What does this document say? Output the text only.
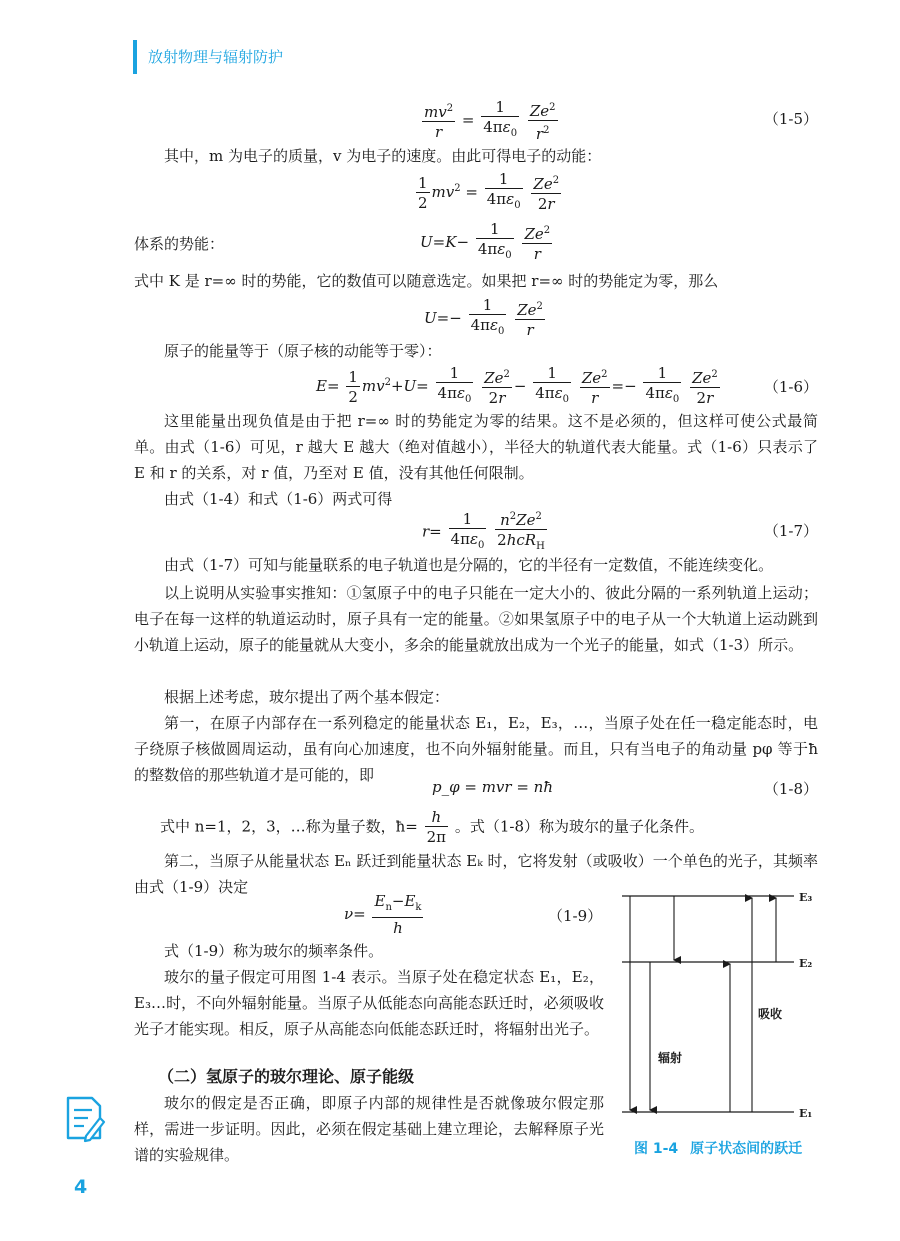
放射物理与辐射防护
$\frac{mv^2}{r} = \frac{1}{4\pi\varepsilon_0}$
$\frac{Ze^2}{r^2}$	（1-5）

其中，m 为电子的质量，v 为电子的速度。由此可得电子的动能：

$\frac{1}{2} mv^2 = \frac{1}{4\pi\varepsilon_0}$
$\frac{Ze^2}{2r}$
体系的势能：	$U=K- \frac{1}{4\pi\varepsilon_0}$
$\frac{Ze^2}{r}$

式中 K 是 r=∞ 时的势能，它的数值可以随意选定。如果把 r=∞ 时的势能定为零，那么

$U=- \frac{1}{4\pi\varepsilon_0}$
$\frac{Ze^2}{r}$

原子的能量等于（原子核的动能等于零）：

$E= \frac{1}{2} mv^2+U= \frac{1}{4\pi\varepsilon_0}$
$\frac{Ze^2}{2r} - \frac{1}{4\pi\varepsilon_0}$
$\frac{Ze^2}{r} =- \frac{1}{4\pi\varepsilon_0}$
$\frac{Ze^2}{2r}$	（1-6）

这里能量出现负值是由于把 r=∞ 时的势能定为零的结果。这不是必须的，但这样可使公式最简单。由式（1-6）可见，r 越大 E 越大（绝对值越小），半径大的轨道代表大能量。式（1-6）只表示了 E 和 r 的关系，对 r 值，乃至对 E 值，没有其他任何限制。

由式（1-4）和式（1-6）两式可得

$r= \frac{1}{4\pi\varepsilon_0}$
$\frac{n^2Ze^2}{2hcR_H}$	（1-7）

由式（1-7）可知与能量联系的电子轨道也是分隔的，它的半径有一定数值，不能连续变化。

以上说明从实验事实推知：①氢原子中的电子只能在一定大小的、彼此分隔的一系列轨道上运动；电子在每一这样的轨道运动时，原子具有一定的能量。②如果氢原子中的电子从一个大轨道上运动跳到小轨道上运动，原子的能量就从大变小，多余的能量就放出成为一个光子的能量，如式（1-3）所示。

根据上述考虑，玻尔提出了两个基本假定：

第一，在原子内部存在一系列稳定的能量状态 E₁，E₂，E₃，…，当原子处在任一稳定能态时，电子绕原子核做圆周运动，虽有向心加速度，也不向外辐射能量。而且，只有当电子的角动量 pφ 等于ħ的整数倍的那些轨道才是可能的，即

p_φ = mvr = nħ	（1-8）
式中 n=1，2，3，…称为量子数，ħ= $\frac{h}{2\pi}$ 。式（1-8）称为玻尔的量子化条件。

第二，当原子从能量状态 Eₙ 跃迁到能量状态 Eₖ 时，它将发射（或吸收）一个单色的光子，其频率由式（1-9）决定

$\nu= \frac{E_n-E_k}{h}$	（1-9）

式（1-9）称为玻尔的频率条件。

玻尔的量子假定可用图 1-4 表示。当原子处在稳定状态 E₁，E₂，E₃…时，不向外辐射能量。当原子从低能态向高能态跃迁时，必须吸收光子才能实现。相反，原子从高能态向低能态跃迁时，将辐射出光子。

（二）氢原子的玻尔理论、原子能级

玻尔的假定是否正确，即原子内部的规律性是否就像玻尔假定那样，需进一步证明。因此，必须在假定基础上建立理论，去解释原子光谱的实验规律。

E₃
E₂
E₁
辐射
吸收
图 1-4 原子状态间的跃迁
4
